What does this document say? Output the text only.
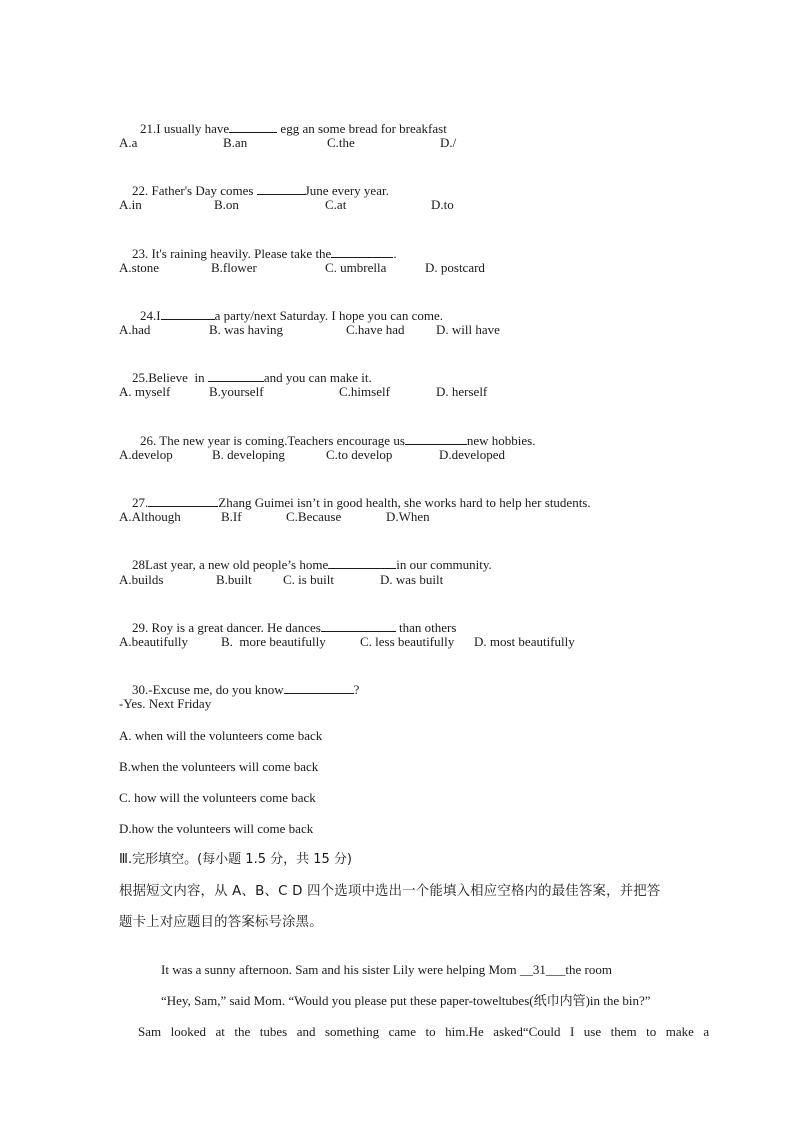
21.I usually have	egg an some bread for breakfast

A.a	B.an	C.the	D./

22. Father's Day comes	June every year.

A.in	B.on	C.at	D.to

23. It's raining heavily. Please take the	.

A.stone	B.flower	C. umbrella	D. postcard

24.I	a party/next Saturday. I hope you can come.

A.had	B. was having	C.have had D. will have

25.Believe  in	and you can make it.

A. myself	B.yourself	C.himself	D. herself

26. The new year is coming.Teachers encourage us	new hobbies.

A.develop	B. developing	C.to develop	D.developed

27.	Zhang Guimei isn’t in good health, she works hard to help her students.

A.Although	B.If	C.Because	D.When

28Last year, a new old people’s home	in our community.

A.builds	B.built C. is built	D. was built

29. Roy is a great dancer. He dances	than others

A.beautifully	B.  more beautifully	C. less beautifully D. most beautifully

30.-Excuse me, do you know	?

-Yes. Next Friday
A. when will the volunteers come back
B.when the volunteers will come back
C. how will the volunteers come back
D.how the volunteers will come back
Ⅲ.完形填空。(每小题 1.5 分，共 15 分)
根据短文内容，从 A、B、C D 四个选项中选出一个能填入相应空格内的最佳答案，并把答
题卡上对应题目的答案标号涂黑。

It was a sunny afternoon. Sam and his sister Lily were helping Mom __31___the room

“Hey, Sam,” said Mom. “Would you please put these paper-toweltubes(纸巾内管)in the bin?”

Sam  looked  at  the  tubes  and  something  came  to  him.He  asked“Could  I  use  them  to  make  a
